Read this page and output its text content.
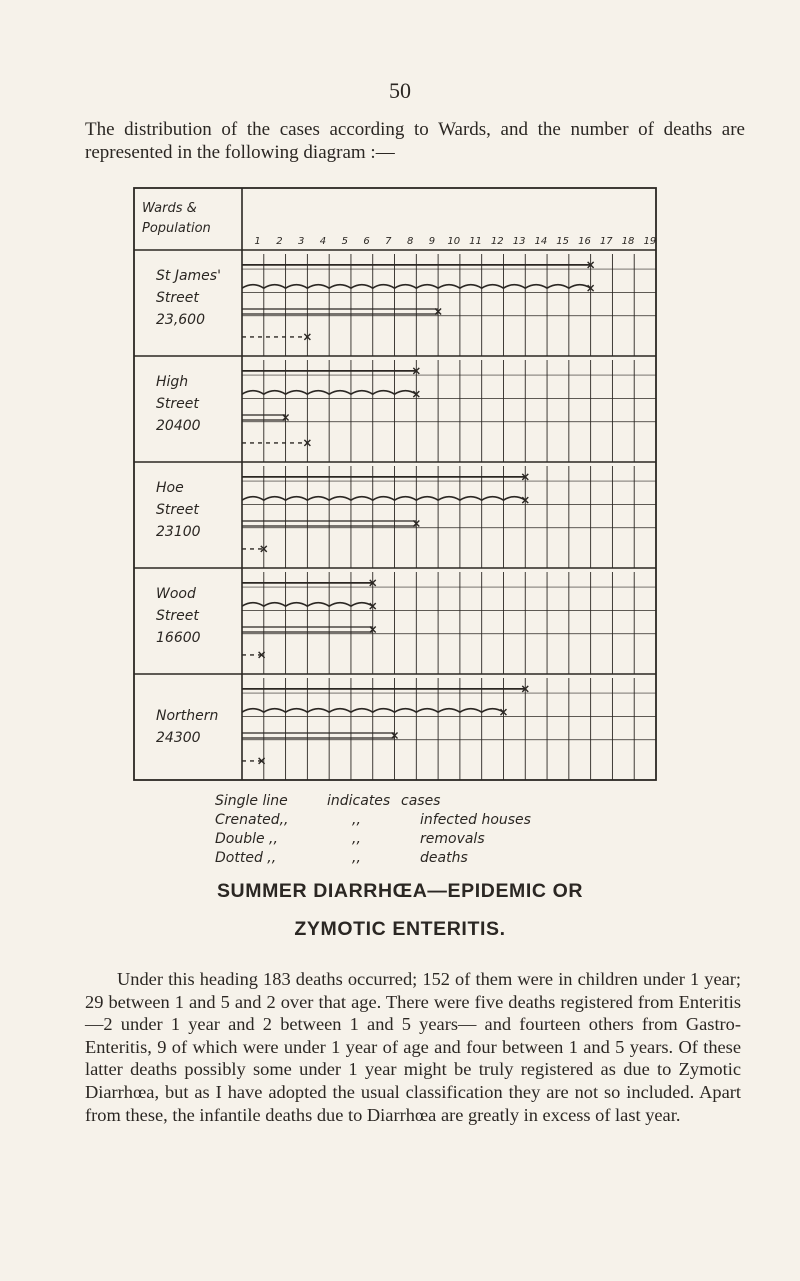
50

The distribution of the cases according to Wards, and the number of deaths are represented in the following diagram :—

Wards &
Population
1 2 3 4 5 6 7 8 9 10 11 12 13 14 15 16 17 18 19
St James'
Street
23,600
High
Street
20400
Hoe
Street
23100
Wood
Street
16600
Northern
24300
Single line	indicates cases
Crenated,,	,,	infected houses
Double ,,	,,	removals
Dotted ,,	,,	deaths
SUMMER DIARRHŒA—EPIDEMIC OR
ZYMOTIC ENTERITIS.

Under this heading 183 deaths occurred; 152 of them were in children under 1 year; 29 between 1 and 5 and 2 over that age. There were five deaths registered from Enteritis—2 under 1 year and 2 between 1 and 5 years— and fourteen others from Gastro-Enteritis, 9 of which were under 1 year of age and four between 1 and 5 years. Of these latter deaths possibly some under 1 year might be truly registered as due to Zymotic Diarrhœa, but as I have adopted the usual classification they are not so included. Apart from these, the infantile deaths due to Diarrhœa are greatly in excess of last year.
